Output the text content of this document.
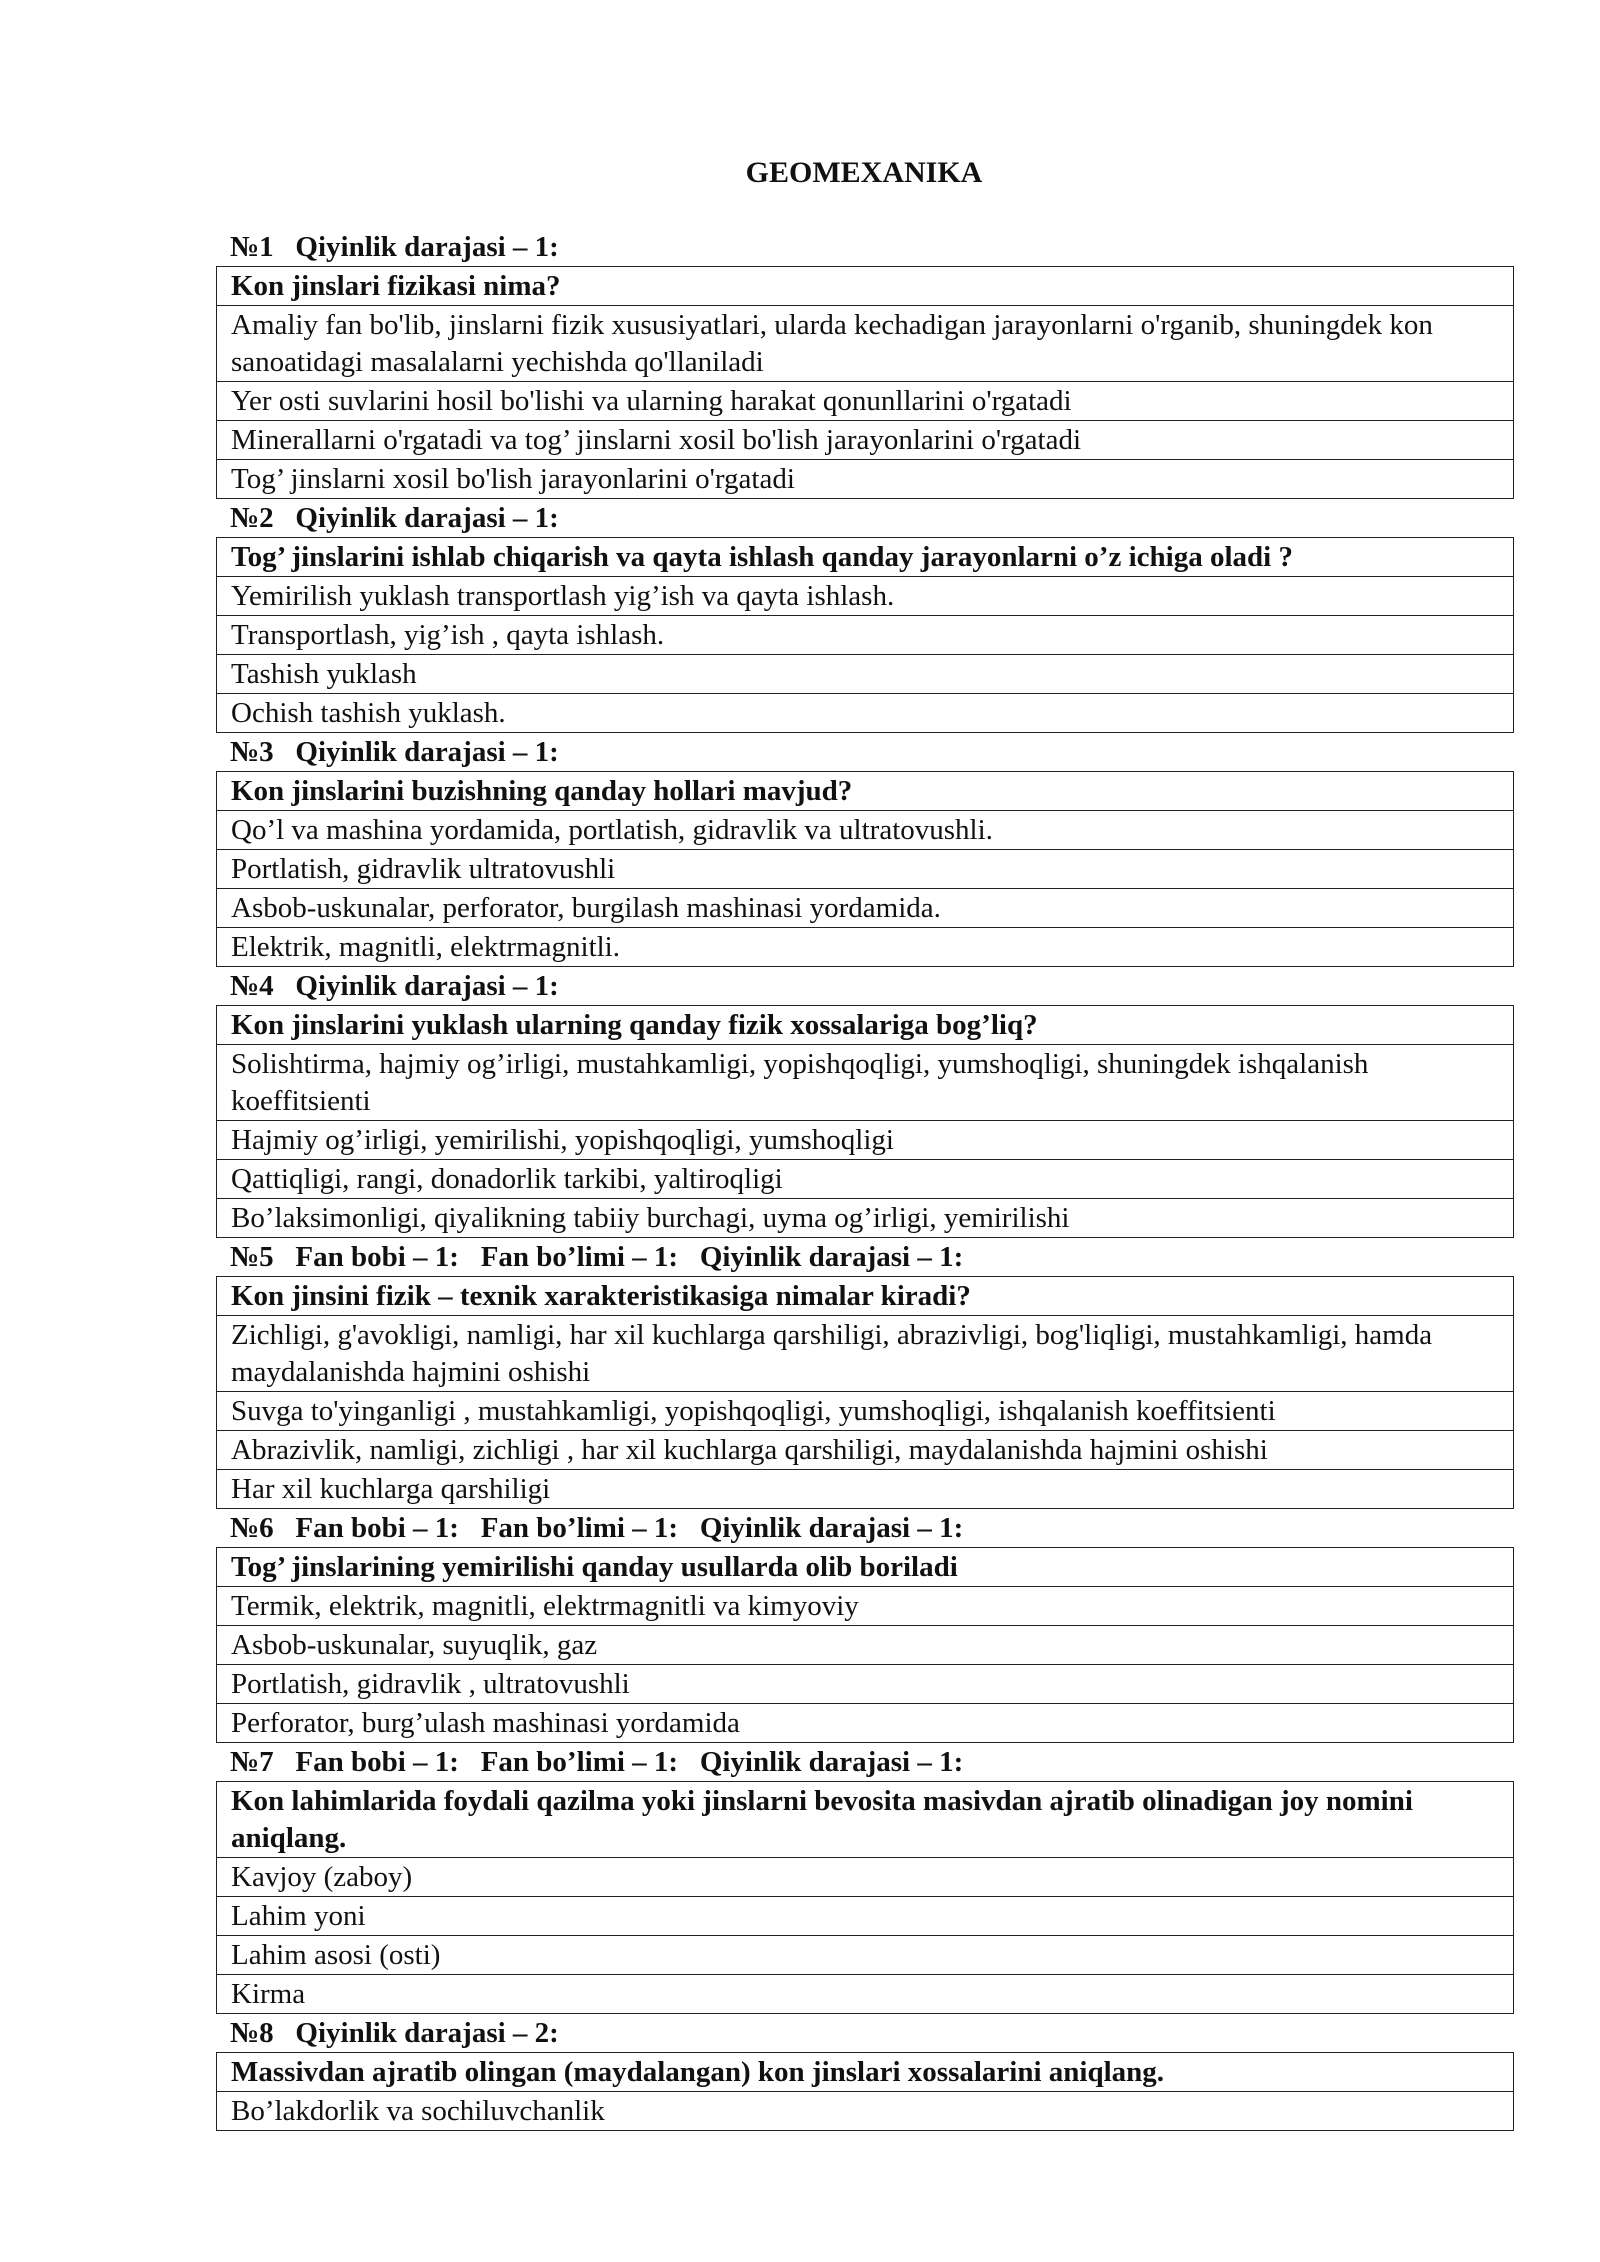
GEOMEXANIKA
№1   Qiyinlik darajasi – 1:
Kon jinslari fizikasi nima?
Amaliy fan bo'lib, jinslarni fizik xususiyatlari, ularda kechadigan jarayonlarni o'rganib, shuningdek kon sanoatidagi masalalarni yechishda qo'llaniladi
Yer osti suvlarini hosil bo'lishi va ularning harakat qonunllarini o'rgatadi
Minerallarni o'rgatadi va tog’ jinslarni xosil bo'lish jarayonlarini o'rgatadi
Tog’ jinslarni xosil bo'lish jarayonlarini o'rgatadi
№2   Qiyinlik darajasi – 1:
Tog’ jinslarini ishlab chiqarish va qayta ishlash qanday jarayonlarni o’z ichiga oladi ?
Yemirilish yuklash transportlash yig’ish va qayta ishlash.
Transportlash, yig’ish , qayta ishlash.
Tashish yuklash
Ochish tashish yuklash.
№3   Qiyinlik darajasi – 1:
Kon jinslarini buzishning qanday hollari mavjud?
Qo’l va mashina yordamida, portlatish, gidravlik va ultratovushli.
Portlatish, gidravlik ultratovushli
Asbob-uskunalar, perforator, burgilash mashinasi yordamida.
Elektrik, magnitli, elektrmagnitli.
№4   Qiyinlik darajasi – 1:
Kon jinslarini yuklash ularning qanday fizik xossalariga bog’liq?
Solishtirma, hajmiy og’irligi, mustahkamligi, yopishqoqligi, yumshoqligi, shuningdek ishqalanish koeffitsienti
Hajmiy og’irligi, yemirilishi, yopishqoqligi, yumshoqligi
Qattiqligi, rangi, donadorlik tarkibi, yaltiroqligi
Bo’laksimonligi, qiyalikning tabiiy burchagi, uyma og’irligi, yemirilishi
№5   Fan bobi – 1:   Fan bo’limi – 1:   Qiyinlik darajasi – 1:
Kon jinsini fizik – texnik xarakteristikasiga nimalar kiradi?
Zichligi, g'avokligi, namligi, har xil kuchlarga qarshiligi, abrazivligi, bog'liqligi, mustahkamligi, hamda maydalanishda hajmini oshishi
Suvga to'yinganligi , mustahkamligi, yopishqoqligi, yumshoqligi, ishqalanish koeffitsienti
Abrazivlik, namligi, zichligi , har xil kuchlarga qarshiligi, maydalanishda hajmini oshishi
Har xil kuchlarga qarshiligi
№6   Fan bobi – 1:   Fan bo’limi – 1:   Qiyinlik darajasi – 1:
Tog’ jinslarining yemirilishi qanday usullarda olib boriladi
Termik, elektrik, magnitli, elektrmagnitli va kimyoviy
Asbob-uskunalar, suyuqlik, gaz
Portlatish, gidravlik , ultratovushli
Perforator, burg’ulash mashinasi yordamida
№7   Fan bobi – 1:   Fan bo’limi – 1:   Qiyinlik darajasi – 1:
Kon lahimlarida foydali qazilma yoki jinslarni bevosita masivdan ajratib olinadigan joy nomini aniqlang.
Kavjoy (zaboy)
Lahim yoni
Lahim asosi (osti)
Kirma
№8   Qiyinlik darajasi – 2:
Massivdan ajratib olingan (maydalangan) kon jinslari xossalarini aniqlang.
Bo’lakdorlik va sochiluvchanlik
